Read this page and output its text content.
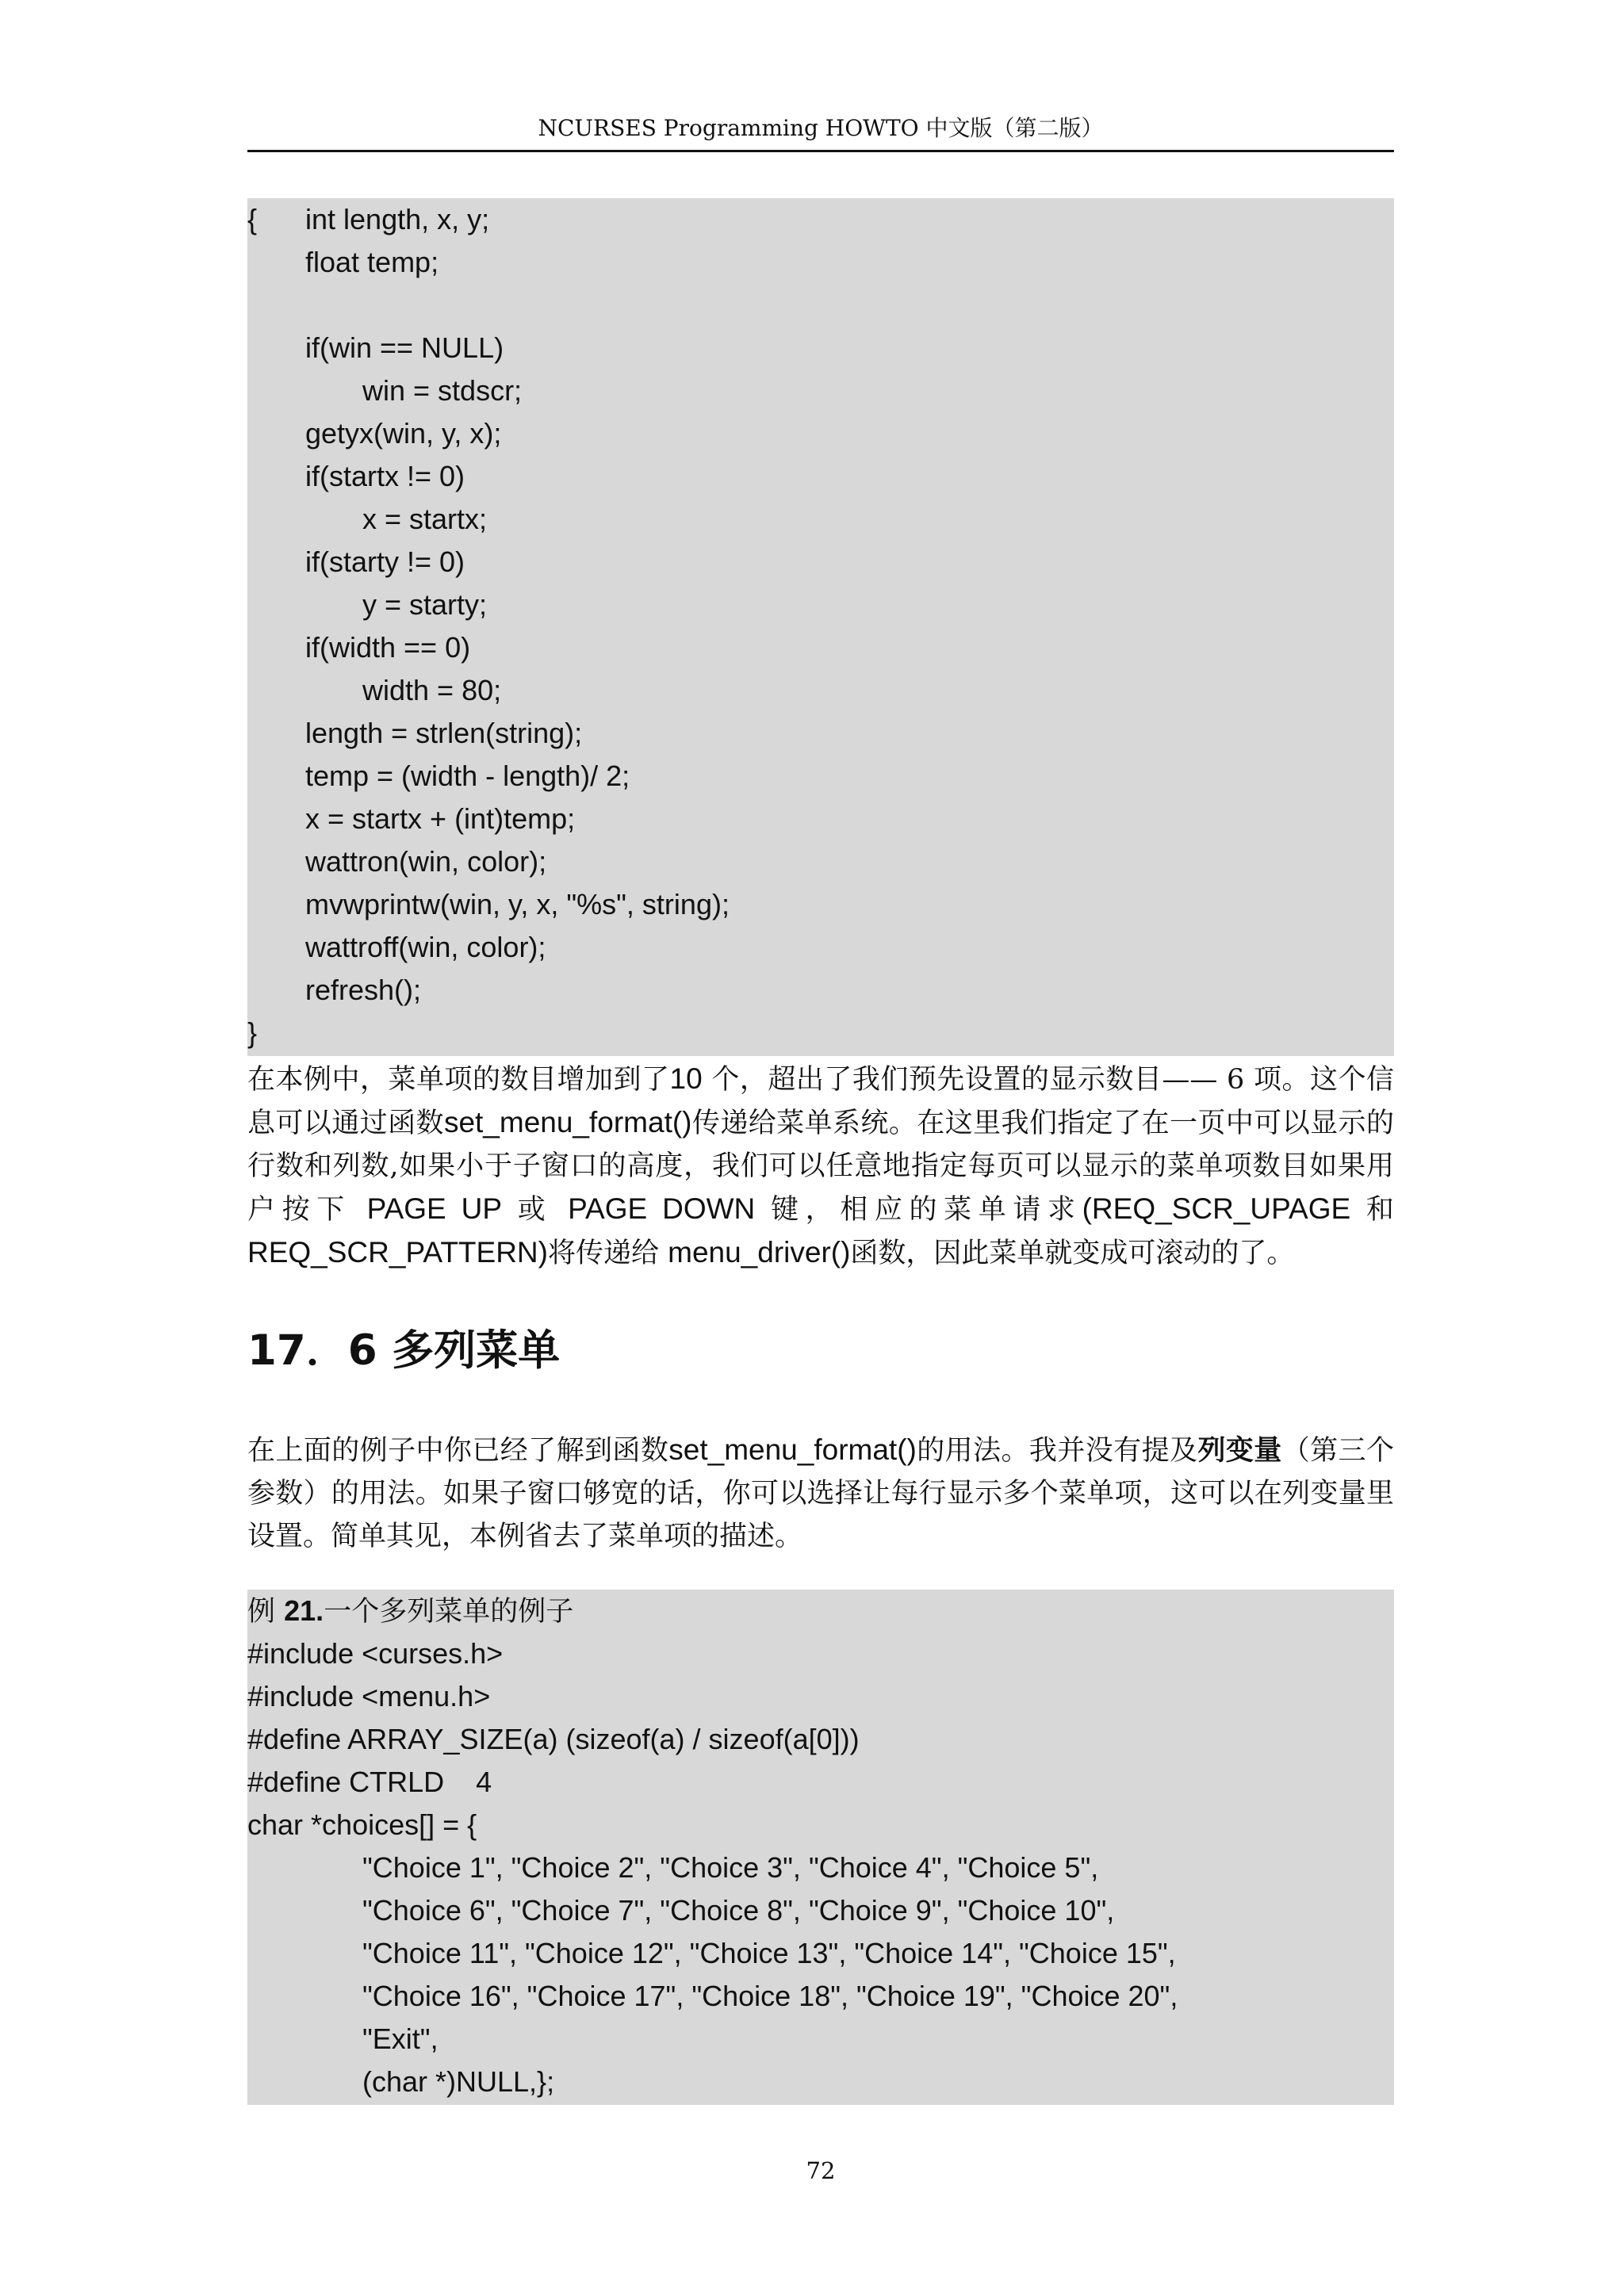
NCURSES Programming HOWTO 中文版（第二版）
{ int length, x, y;
float temp;
if(win == NULL)
win = stdscr;
getyx(win, y, x);
if(startx != 0)
x = startx;
if(starty != 0)
y = starty;
if(width == 0)
width = 80;
length = strlen(string);
temp = (width - length)/ 2;
x = startx + (int)temp;
wattron(win, color);
mvwprintw(win, y, x, "%s", string);
wattroff(win, color);
refresh();
}

在本例中，菜单项的数目增加到了10 个，超出了我们预先设置的显示数目—— 6 项。这个信息可以通过函数set_menu_format()传递给菜单系统。在这里我们指定了在一页中可以显示的行数和列数,如果小于子窗口的高度，我们可以任意地指定每页可以显示的菜单项数目如果用户按下 PAGE UP 或 PAGE DOWN 键，相应的菜单请求(REQ_SCR_UPAGE 和 REQ_SCR_PATTERN)将传递给 menu_driver()函数，因此菜单就变成可滚动的了。

17．6 多列菜单

在上面的例子中你已经了解到函数set_menu_format()的用法。我并没有提及列变量（第三个参数）的用法。如果子窗口够宽的话，你可以选择让每行显示多个菜单项，这可以在列变量里设置。简单其见，本例省去了菜单项的描述。

例 21.一个多列菜单的例子
#include <curses.h>
#include <menu.h>
#define ARRAY_SIZE(a) (sizeof(a) / sizeof(a[0]))
#define CTRLD    4
char *choices[] = {
"Choice 1", "Choice 2", "Choice 3", "Choice 4", "Choice 5",
"Choice 6", "Choice 7", "Choice 8", "Choice 9", "Choice 10",
"Choice 11", "Choice 12", "Choice 13", "Choice 14", "Choice 15",
"Choice 16", "Choice 17", "Choice 18", "Choice 19", "Choice 20",
"Exit",
(char *)NULL,};
72
